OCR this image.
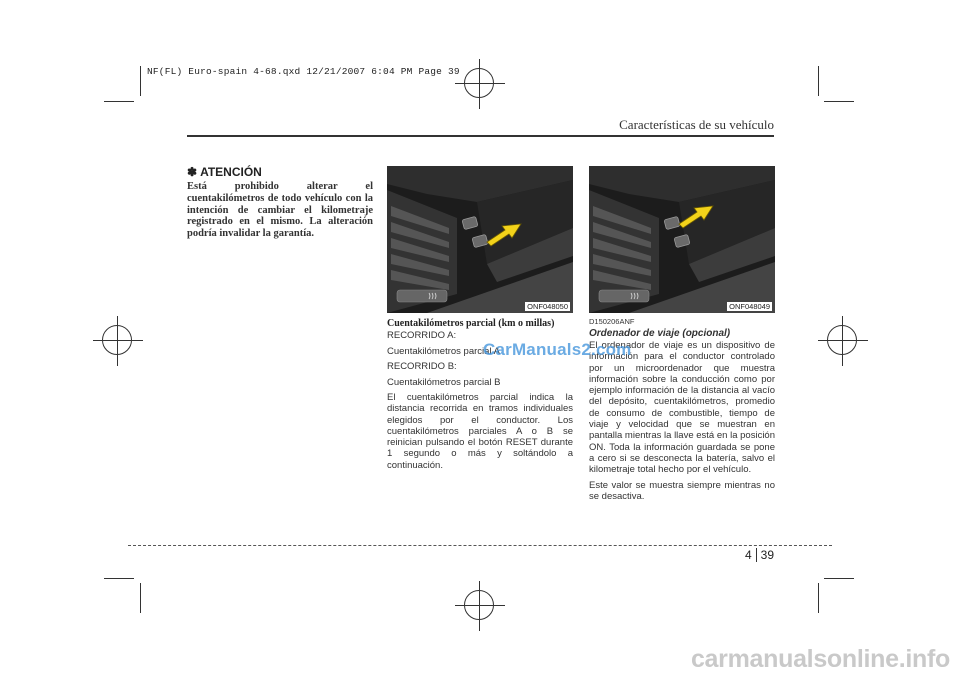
NF(FL) Euro-spain 4-68.qxd 12/21/2007 6:04 PM Page 39
Características de su vehículo
✽ ATENCIÓN
Está prohibido alterar el cuentakilómetros de todo vehículo con la intención de cambiar el kilometraje registrado en el mismo. La alteración podría invalidar la garantía.
ONF048050	ONF048049
Cuentakilómetros parcial (km o millas)
RECORRIDO A:
Cuentakilómetros parcial A
RECORRIDO B:
Cuentakilómetros parcial B
El cuentakilómetros parcial indica la distancia recorrida en tramos individuales elegidos por el conductor. Los cuentakilómetros parciales A o B se reinician pulsando el botón RESET durante 1 segundo o más y soltándolo a continuación.
D150206ANF
Ordenador de viaje (opcional)
El ordenador de viaje es un dispositivo de información para el conductor controlado por un microordenador que muestra información sobre la conducción como por ejemplo información de la distancia al vacío del depósito, cuentakilómetros, promedio de consumo de combustible, tiempo de viaje y velocidad que se muestran en pantalla mientras la llave está en la posición ON. Toda la información guardada se pone a cero si se desconecta la batería, salvo el kilometraje total hecho por el vehículo.
Este valor se muestra siempre mientras no se desactiva.
CarManuals2.com
4 39
carmanualsonline.info
